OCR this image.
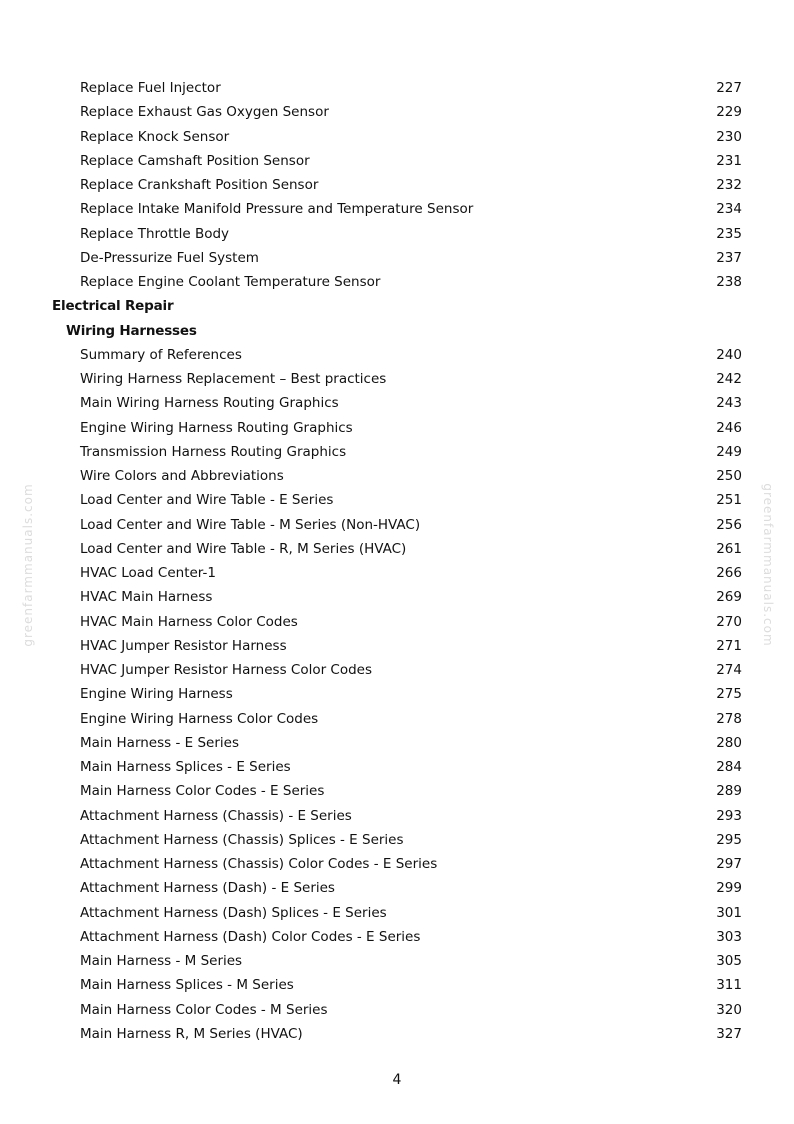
greenfarmmanuals.com	greenfarmmanuals.com
Replace Fuel Injector	227
Replace Exhaust Gas Oxygen Sensor	229
Replace Knock Sensor	230
Replace Camshaft Position Sensor	231
Replace Crankshaft Position Sensor	232
Replace Intake Manifold Pressure and Temperature Sensor	234
Replace Throttle Body	235
De-Pressurize Fuel System	237
Replace Engine Coolant Temperature Sensor	238
Electrical Repair
Wiring Harnesses
Summary of References	240
Wiring Harness Replacement – Best practices	242
Main Wiring Harness Routing Graphics	243
Engine Wiring Harness Routing Graphics	246
Transmission Harness Routing Graphics	249
Wire Colors and Abbreviations	250
Load Center and Wire Table - E Series	251
Load Center and Wire Table - M Series (Non-HVAC)	256
Load Center and Wire Table - R, M Series (HVAC)	261
HVAC Load Center-1	266
HVAC Main Harness	269
HVAC Main Harness Color Codes	270
HVAC Jumper Resistor Harness	271
HVAC Jumper Resistor Harness Color Codes	274
Engine Wiring Harness	275
Engine Wiring Harness Color Codes	278
Main Harness - E Series	280
Main Harness Splices - E Series	284
Main Harness Color Codes - E Series	289
Attachment Harness (Chassis) - E Series	293
Attachment Harness (Chassis) Splices - E Series	295
Attachment Harness (Chassis) Color Codes - E Series	297
Attachment Harness (Dash) - E Series	299
Attachment Harness (Dash) Splices - E Series	301
Attachment Harness (Dash) Color Codes - E Series	303
Main Harness - M Series	305
Main Harness Splices - M Series	311
Main Harness Color Codes - M Series	320
Main Harness R, M Series (HVAC)	327
4
